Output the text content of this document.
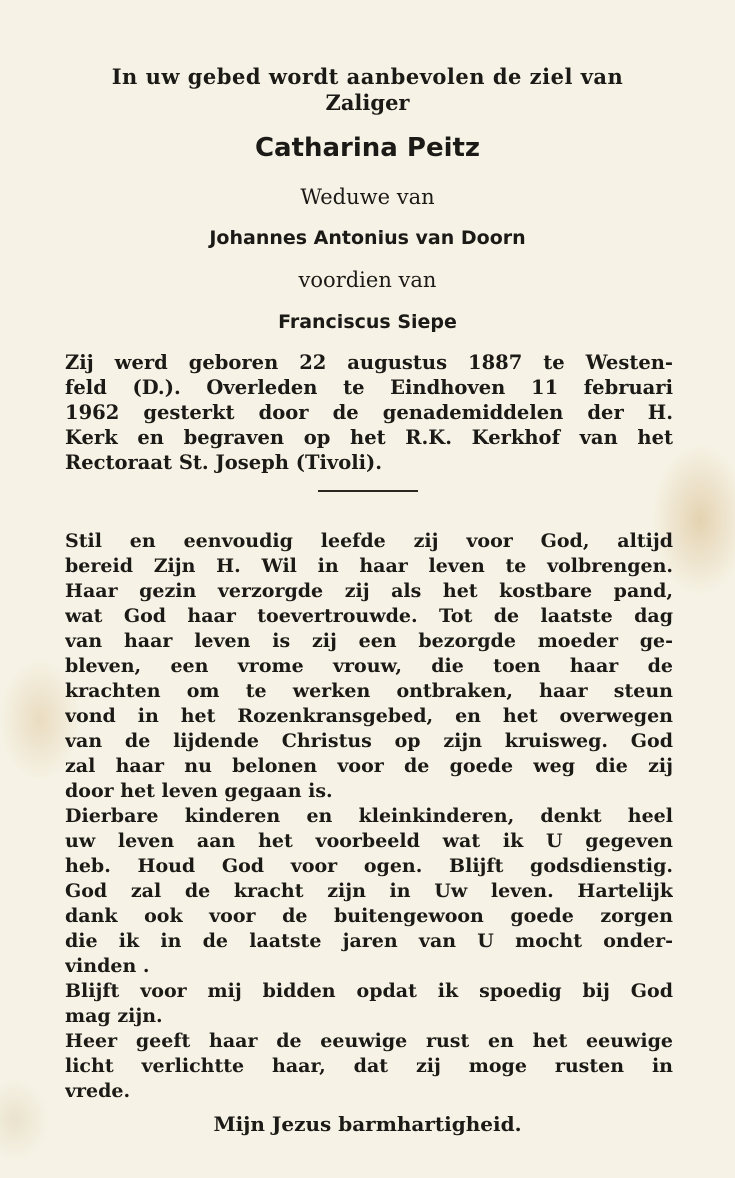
In uw gebed wordt aanbevolen de ziel van
Zaliger
Catharina Peitz
Weduwe van
Johannes Antonius van Doorn
voordien van
Franciscus Siepe
Zij werd geboren 22 augustus 1887 te Westen-
feld (D.). Overleden te Eindhoven 11 februari
1962 gesterkt door de genademiddelen der H.
Kerk en begraven op het R.K. Kerkhof van het
Rectoraat St. Joseph (Tivoli).
Stil en eenvoudig leefde zij voor God, altijd
bereid Zijn H. Wil in haar leven te volbrengen.
Haar gezin verzorgde zij als het kostbare pand,
wat God haar toevertrouwde. Tot de laatste dag
van haar leven is zij een bezorgde moeder ge-
bleven, een vrome vrouw, die toen haar de
krachten om te werken ontbraken, haar steun
vond in het Rozenkransgebed, en het overwegen
van de lijdende Christus op zijn kruisweg. God
zal haar nu belonen voor de goede weg die zij
door het leven gegaan is.
Dierbare kinderen en kleinkinderen, denkt heel
uw leven aan het voorbeeld wat ik U gegeven
heb. Houd God voor ogen. Blijft godsdienstig.
God zal de kracht zijn in Uw leven. Hartelijk
dank ook voor de buitengewoon goede zorgen
die ik in de laatste jaren van U mocht onder-
vinden .
Blijft voor mij bidden opdat ik spoedig bij God
mag zijn.
Heer geeft haar de eeuwige rust en het eeuwige
licht verlichtte haar, dat zij moge rusten in
vrede.
Mijn Jezus barmhartigheid.
